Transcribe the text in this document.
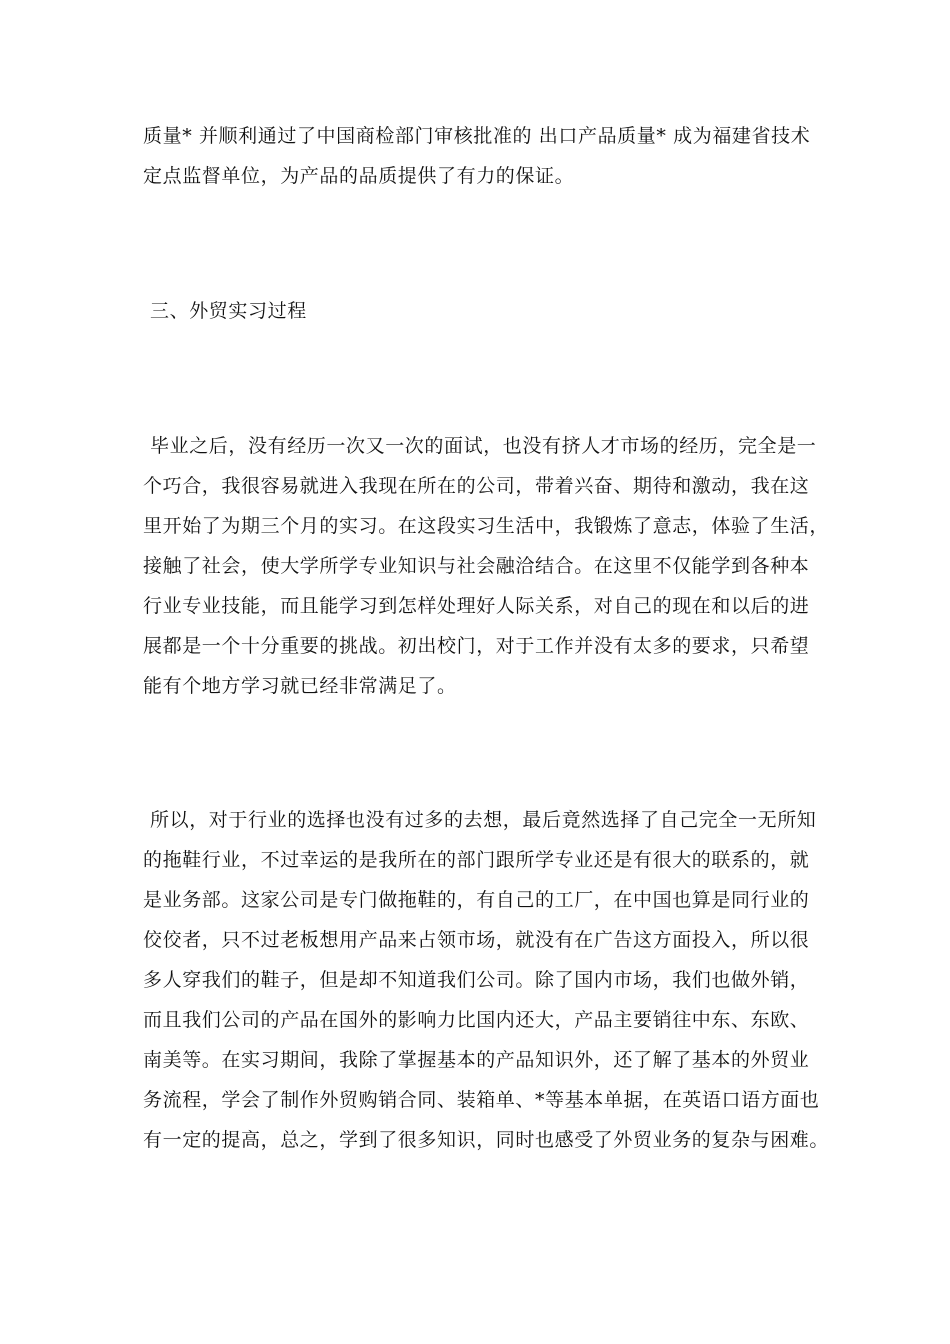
质量* 并顺利通过了中国商检部门审核批准的 出口产品质量* 成为福建省技术
定点监督单位，为产品的品质提供了有力的保证。
三、外贸实习过程
毕业之后，没有经历一次又一次的面试，也没有挤人才市场的经历，完全是一
个巧合，我很容易就进入我现在所在的公司，带着兴奋、期待和激动，我在这
里开始了为期三个月的实习。在这段实习生活中，我锻炼了意志，体验了生活，
接触了社会，使大学所学专业知识与社会融洽结合。在这里不仅能学到各种本
行业专业技能，而且能学习到怎样处理好人际关系，对自己的现在和以后的进
展都是一个十分重要的挑战。初出校门，对于工作并没有太多的要求，只希望
能有个地方学习就已经非常满足了。
所以，对于行业的选择也没有过多的去想，最后竟然选择了自己完全一无所知
的拖鞋行业，不过幸运的是我所在的部门跟所学专业还是有很大的联系的，就
是业务部。这家公司是专门做拖鞋的，有自己的工厂，在中国也算是同行业的
佼佼者，只不过老板想用产品来占领市场，就没有在广告这方面投入，所以很
多人穿我们的鞋子，但是却不知道我们公司。除了国内市场，我们也做外销，
而且我们公司的产品在国外的影响力比国内还大，产品主要销往中东、东欧、
南美等。在实习期间，我除了掌握基本的产品知识外，还了解了基本的外贸业
务流程，学会了制作外贸购销合同、装箱单、*等基本单据，在英语口语方面也
有一定的提高，总之，学到了很多知识，同时也感受了外贸业务的复杂与困难。
